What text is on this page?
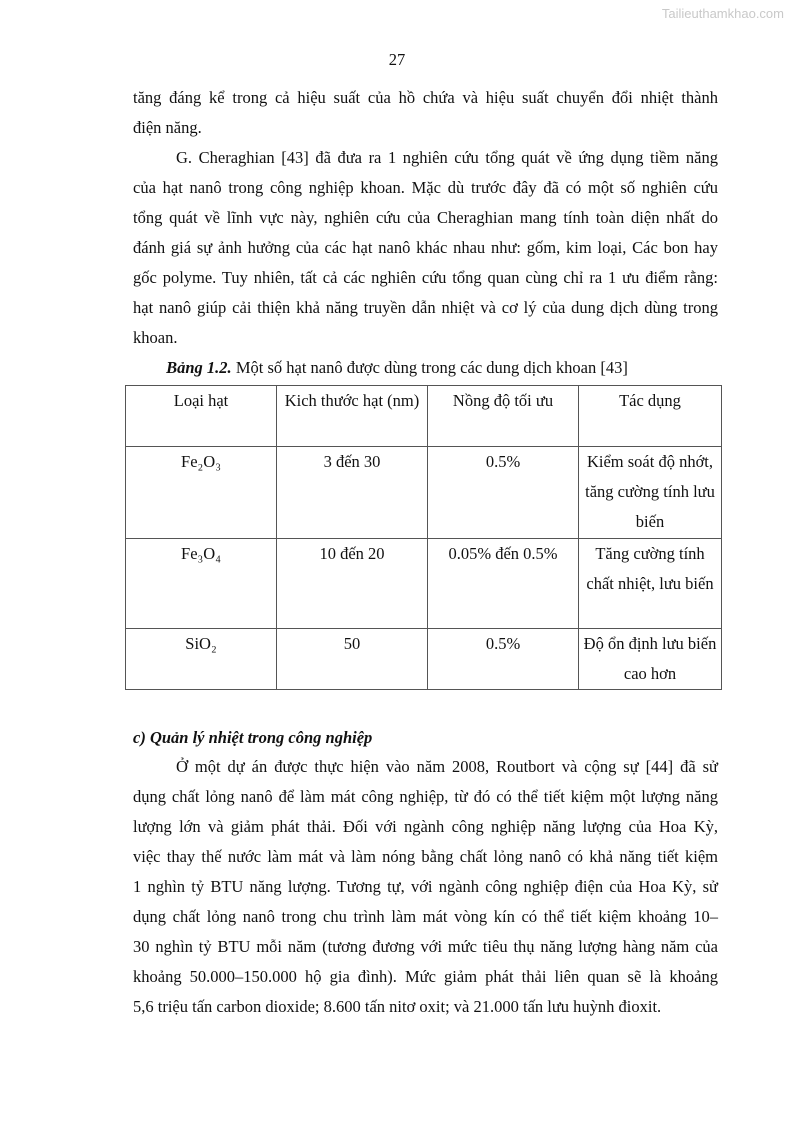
Tailieuthamkhao.com
27
tăng đáng kể trong cả hiệu suất của hồ chứa và hiệu suất chuyển đổi nhiệt thành
điện năng.
G. Cheraghian [43] đã đưa ra 1 nghiên cứu tổng quát về ứng dụng tiềm năng
của hạt nanô trong công nghiệp khoan. Mặc dù trước đây đã có một số nghiên cứu
tổng quát về lĩnh vực này, nghiên cứu của Cheraghian mang tính toàn diện nhất do
đánh giá sự ảnh hưởng của các hạt nanô khác nhau như: gốm, kim loại, Các bon hay
gốc polyme. Tuy nhiên, tất cả các nghiên cứu tổng quan cùng chỉ ra 1 ưu điểm rằng:
hạt nanô giúp cải thiện khả năng truyền dẫn nhiệt và cơ lý của dung dịch dùng trong
khoan.
Bảng 1.2. Một số hạt nanô được dùng trong các dung dịch khoan [43]
Loại hạt	Kich thước hạt (nm)	Nồng độ tối ưu	Tác dụng
Fe₂O₃	3 đến 30	0.5%	Kiểm soát độ nhớt, tăng cường tính lưu biến
Fe₃O₄	10 đến 20	0.05% đến 0.5%	Tăng cường tính chất nhiệt, lưu biến
SiO₂	50	0.5%	Độ ổn định lưu biến cao hơn
c) Quản lý nhiệt trong công nghiệp
Ở một dự án được thực hiện vào năm 2008, Routbort và cộng sự [44] đã sử
dụng chất lỏng nanô để làm mát công nghiệp, từ đó có thể tiết kiệm một lượng năng
lượng lớn và giảm phát thải. Đối với ngành công nghiệp năng lượng của Hoa Kỳ,
việc thay thế nước làm mát và làm nóng bằng chất lỏng nanô có khả năng tiết kiệm
1 nghìn tỷ BTU năng lượng. Tương tự, với ngành công nghiệp điện của Hoa Kỳ, sử
dụng chất lỏng nanô trong chu trình làm mát vòng kín có thể tiết kiệm khoảng 10–
30 nghìn tỷ BTU mỗi năm (tương đương với mức tiêu thụ năng lượng hàng năm của
khoảng 50.000–150.000 hộ gia đình). Mức giảm phát thải liên quan sẽ là khoảng
5,6 triệu tấn carbon dioxide; 8.600 tấn nitơ oxit; và 21.000 tấn lưu huỳnh đioxit.
